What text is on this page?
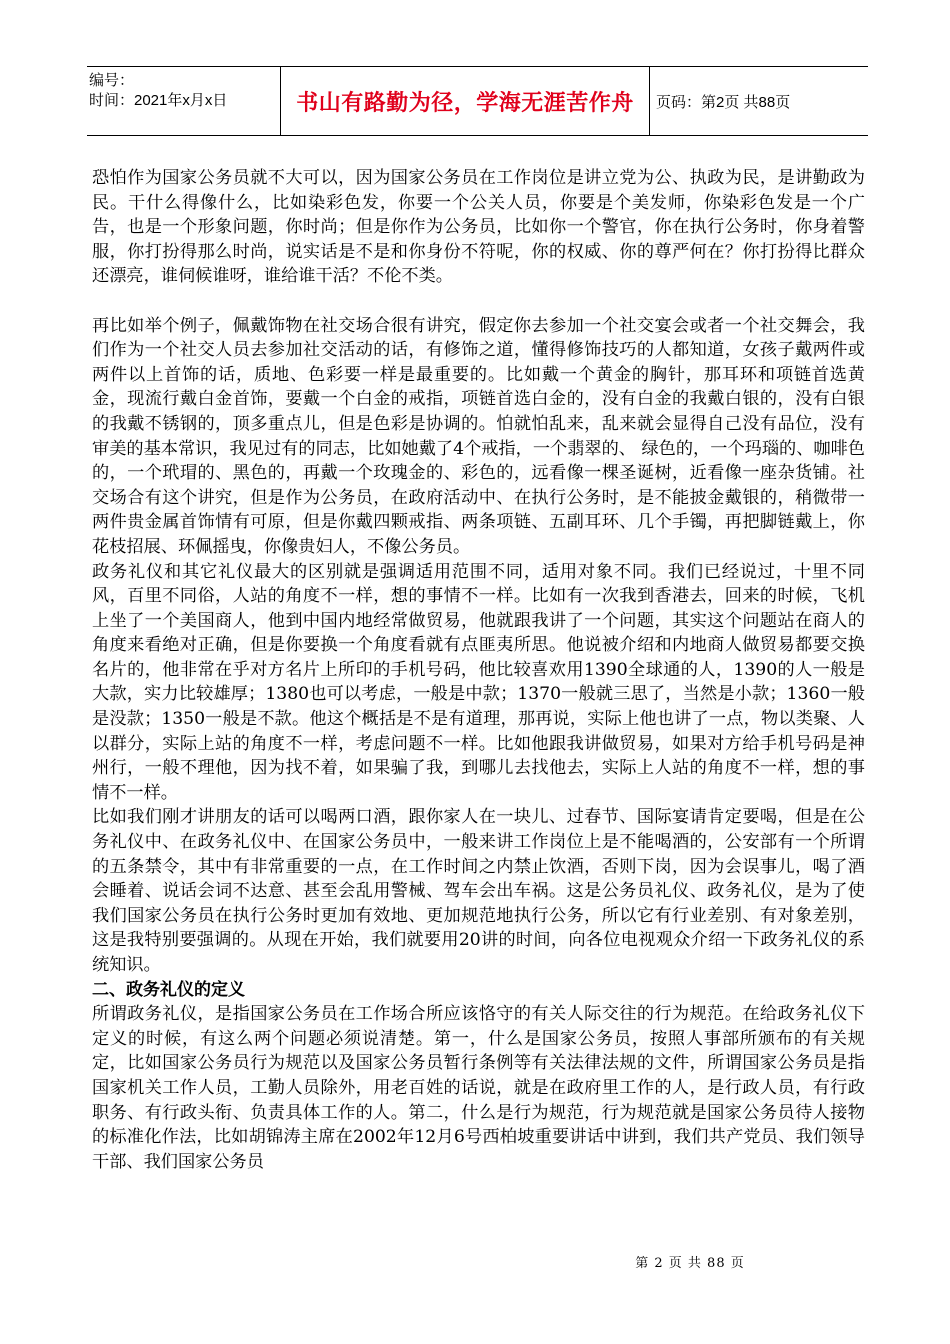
编号：
时间：2021年x月x日	书山有路勤为径，学海无涯苦作舟	页码：第2页 共88页

恐怕作为国家公务员就不大可以，因为国家公务员在工作岗位是讲立党为公、执政为民，是讲勤政为民。干什么得像什么，比如染彩色发，你要一个公关人员，你要是个美发师，你染彩色发是一个广告，也是一个形象问题，你时尚；但是你作为公务员，比如你一个警官，你在执行公务时，你身着警服，你打扮得那么时尚，说实话是不是和你身份不符呢，你的权威、你的尊严何在？你打扮得比群众还漂亮，谁伺候谁呀，谁给谁干活？不伦不类。

再比如举个例子，佩戴饰物在社交场合很有讲究，假定你去参加一个社交宴会或者一个社交舞会，我们作为一个社交人员去参加社交活动的话，有修饰之道，懂得修饰技巧的人都知道，女孩子戴两件或两件以上首饰的话，质地、色彩要一样是最重要的。比如戴一个黄金的胸针，那耳环和项链首选黄金，现流行戴白金首饰，要戴一个白金的戒指，项链首选白金的，没有白金的我戴白银的，没有白银的我戴不锈钢的，顶多重点儿，但是色彩是协调的。怕就怕乱来，乱来就会显得自己没有品位，没有审美的基本常识，我见过有的同志，比如她戴了4个戒指，一个翡翠的、 绿色的，一个玛瑙的、咖啡色的，一个玳瑁的、黑色的，再戴一个玫瑰金的、彩色的，远看像一棵圣诞树，近看像一座杂货铺。社交场合有这个讲究，但是作为公务员，在政府活动中、在执行公务时，是不能披金戴银的，稍微带一两件贵金属首饰情有可原，但是你戴四颗戒指、两条项链、五副耳环、几个手镯，再把脚链戴上，你花枝招展、环佩摇曳，你像贵妇人，不像公务员。

政务礼仪和其它礼仪最大的区别就是强调适用范围不同，适用对象不同。我们已经说过，十里不同风，百里不同俗，人站的角度不一样，想的事情不一样。比如有一次我到香港去，回来的时候，飞机上坐了一个美国商人，他到中国内地经常做贸易，他就跟我讲了一个问题，其实这个问题站在商人的角度来看绝对正确，但是你要换一个角度看就有点匪夷所思。他说被介绍和内地商人做贸易都要交换名片的，他非常在乎对方名片上所印的手机号码，他比较喜欢用1390全球通的人，1390的人一般是大款，实力比较雄厚；1380也可以考虑，一般是中款；1370一般就三思了，当然是小款；1360一般是没款；1350一般是不款。他这个概括是不是有道理，那再说，实际上他也讲了一点，物以类聚、人以群分，实际上站的角度不一样，考虑问题不一样。比如他跟我讲做贸易，如果对方给手机号码是神州行，一般不理他，因为找不着，如果骗了我，到哪儿去找他去，实际上人站的角度不一样，想的事情不一样。

比如我们刚才讲朋友的话可以喝两口酒，跟你家人在一块儿、过春节、国际宴请肯定要喝，但是在公务礼仪中、在政务礼仪中、在国家公务员中，一般来讲工作岗位上是不能喝酒的，公安部有一个所谓的五条禁令，其中有非常重要的一点，在工作时间之内禁止饮酒，否则下岗，因为会误事儿，喝了酒会睡着、说话会词不达意、甚至会乱用警械、驾车会出车祸。这是公务员礼仪、政务礼仪，是为了使我们国家公务员在执行公务时更加有效地、更加规范地执行公务，所以它有行业差别、有对象差别，这是我特别要强调的。从现在开始，我们就要用20讲的时间，向各位电视观众介绍一下政务礼仪的系统知识。

二、政务礼仪的定义

所谓政务礼仪，是指国家公务员在工作场合所应该恪守的有关人际交往的行为规范。在给政务礼仪下定义的时候，有这么两个问题必须说清楚。第一，什么是国家公务员，按照人事部所颁布的有关规定，比如国家公务员行为规范以及国家公务员暂行条例等有关法律法规的文件，所谓国家公务员是指国家机关工作人员，工勤人员除外，用老百姓的话说，就是在政府里工作的人，是行政人员，有行政职务、有行政头衔、负责具体工作的人。第二，什么是行为规范，行为规范就是国家公务员待人接物的标准化作法，比如胡锦涛主席在2002年12月6号西柏坡重要讲话中讲到，我们共产党员、我们领导干部、我们国家公务员

第 2 页 共 88 页
